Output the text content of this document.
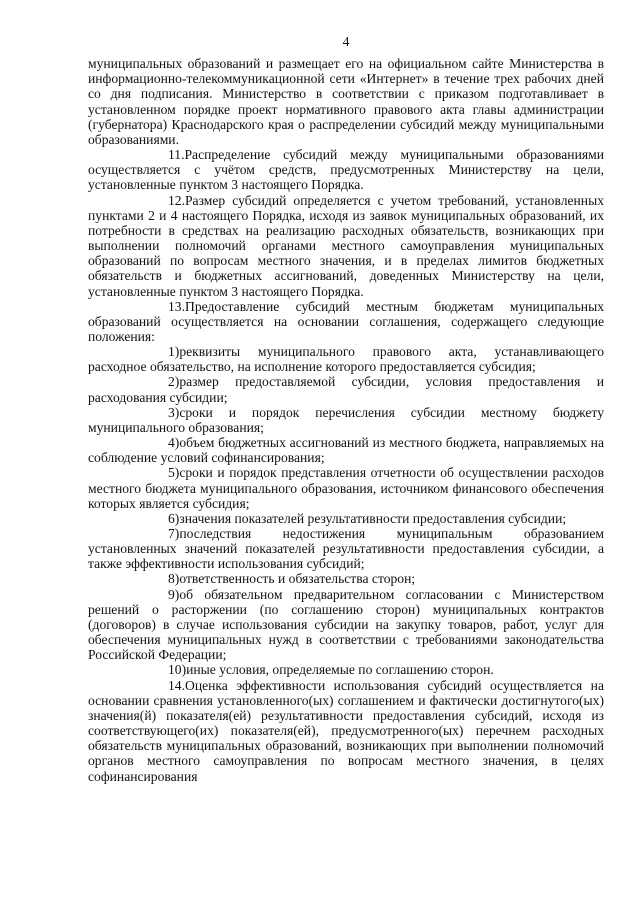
4

муниципальных образований и размещает его на официальном сайте Министерства в информационно-телекоммуникационной сети «Интернет» в течение трех рабочих дней со дня подписания. Министерство в соответствии с приказом подготавливает в установленном порядке проект нормативного правового акта главы администрации (губернатора) Краснодарского края о распределении субсидий между муниципальными образованиями.

11.Распределение субсидий между муниципальными образованиями осуществляется с учётом средств, предусмотренных Министерству на цели, установленные пунктом 3 настоящего Порядка.

12.Размер субсидий определяется с учетом требований, установленных пунктами 2 и 4 настоящего Порядка, исходя из заявок муниципальных образований, их потребности в средствах на реализацию расходных обязательств, возникающих при выполнении полномочий органами местного самоуправления муниципальных образований по вопросам местного значения, и в пределах лимитов бюджетных обязательств и бюджетных ассигнований, доведенных Министерству на цели, установленные пунктом 3 настоящего Порядка.

13.Предоставление субсидий местным бюджетам муниципальных образований осуществляется на основании соглашения, содержащего следующие положения:

1)реквизиты муниципального правового акта, устанавливающего расходное обязательство, на исполнение которого предоставляется субсидия;

2)размер предоставляемой субсидии, условия предоставления и расходования субсидии;

3)сроки и порядок перечисления субсидии местному бюджету муниципального образования;

4)объем бюджетных ассигнований из местного бюджета, направляемых на соблюдение условий софинансирования;

5)сроки и порядок представления отчетности об осуществлении расходов местного бюджета муниципального образования, источником финансового обеспечения которых является субсидия;

6)значения показателей результативности предоставления субсидии;

7)последствия недостижения муниципальным образованием установленных значений показателей результативности предоставления субсидии, а также эффективности использования субсидий;

8)ответственность и обязательства сторон;

9)об обязательном предварительном согласовании с Министерством решений о расторжении (по соглашению сторон) муниципальных контрактов (договоров) в случае использования субсидии на закупку товаров, работ, услуг для обеспечения муниципальных нужд в соответствии с требованиями законодательства Российской Федерации;

10)иные условия, определяемые по соглашению сторон.

14.Оценка эффективности использования субсидий осуществляется на основании сравнения установленного(ых) соглашением и фактически достигнутого(ых) значения(й) показателя(ей) результативности предоставления субсидий, исходя из соответствующего(их) показателя(ей), предусмотренного(ых) перечнем расходных обязательств муниципальных образований, возникающих при выполнении полномочий органов местного самоуправления по вопросам местного значения, в целях софинансирования
